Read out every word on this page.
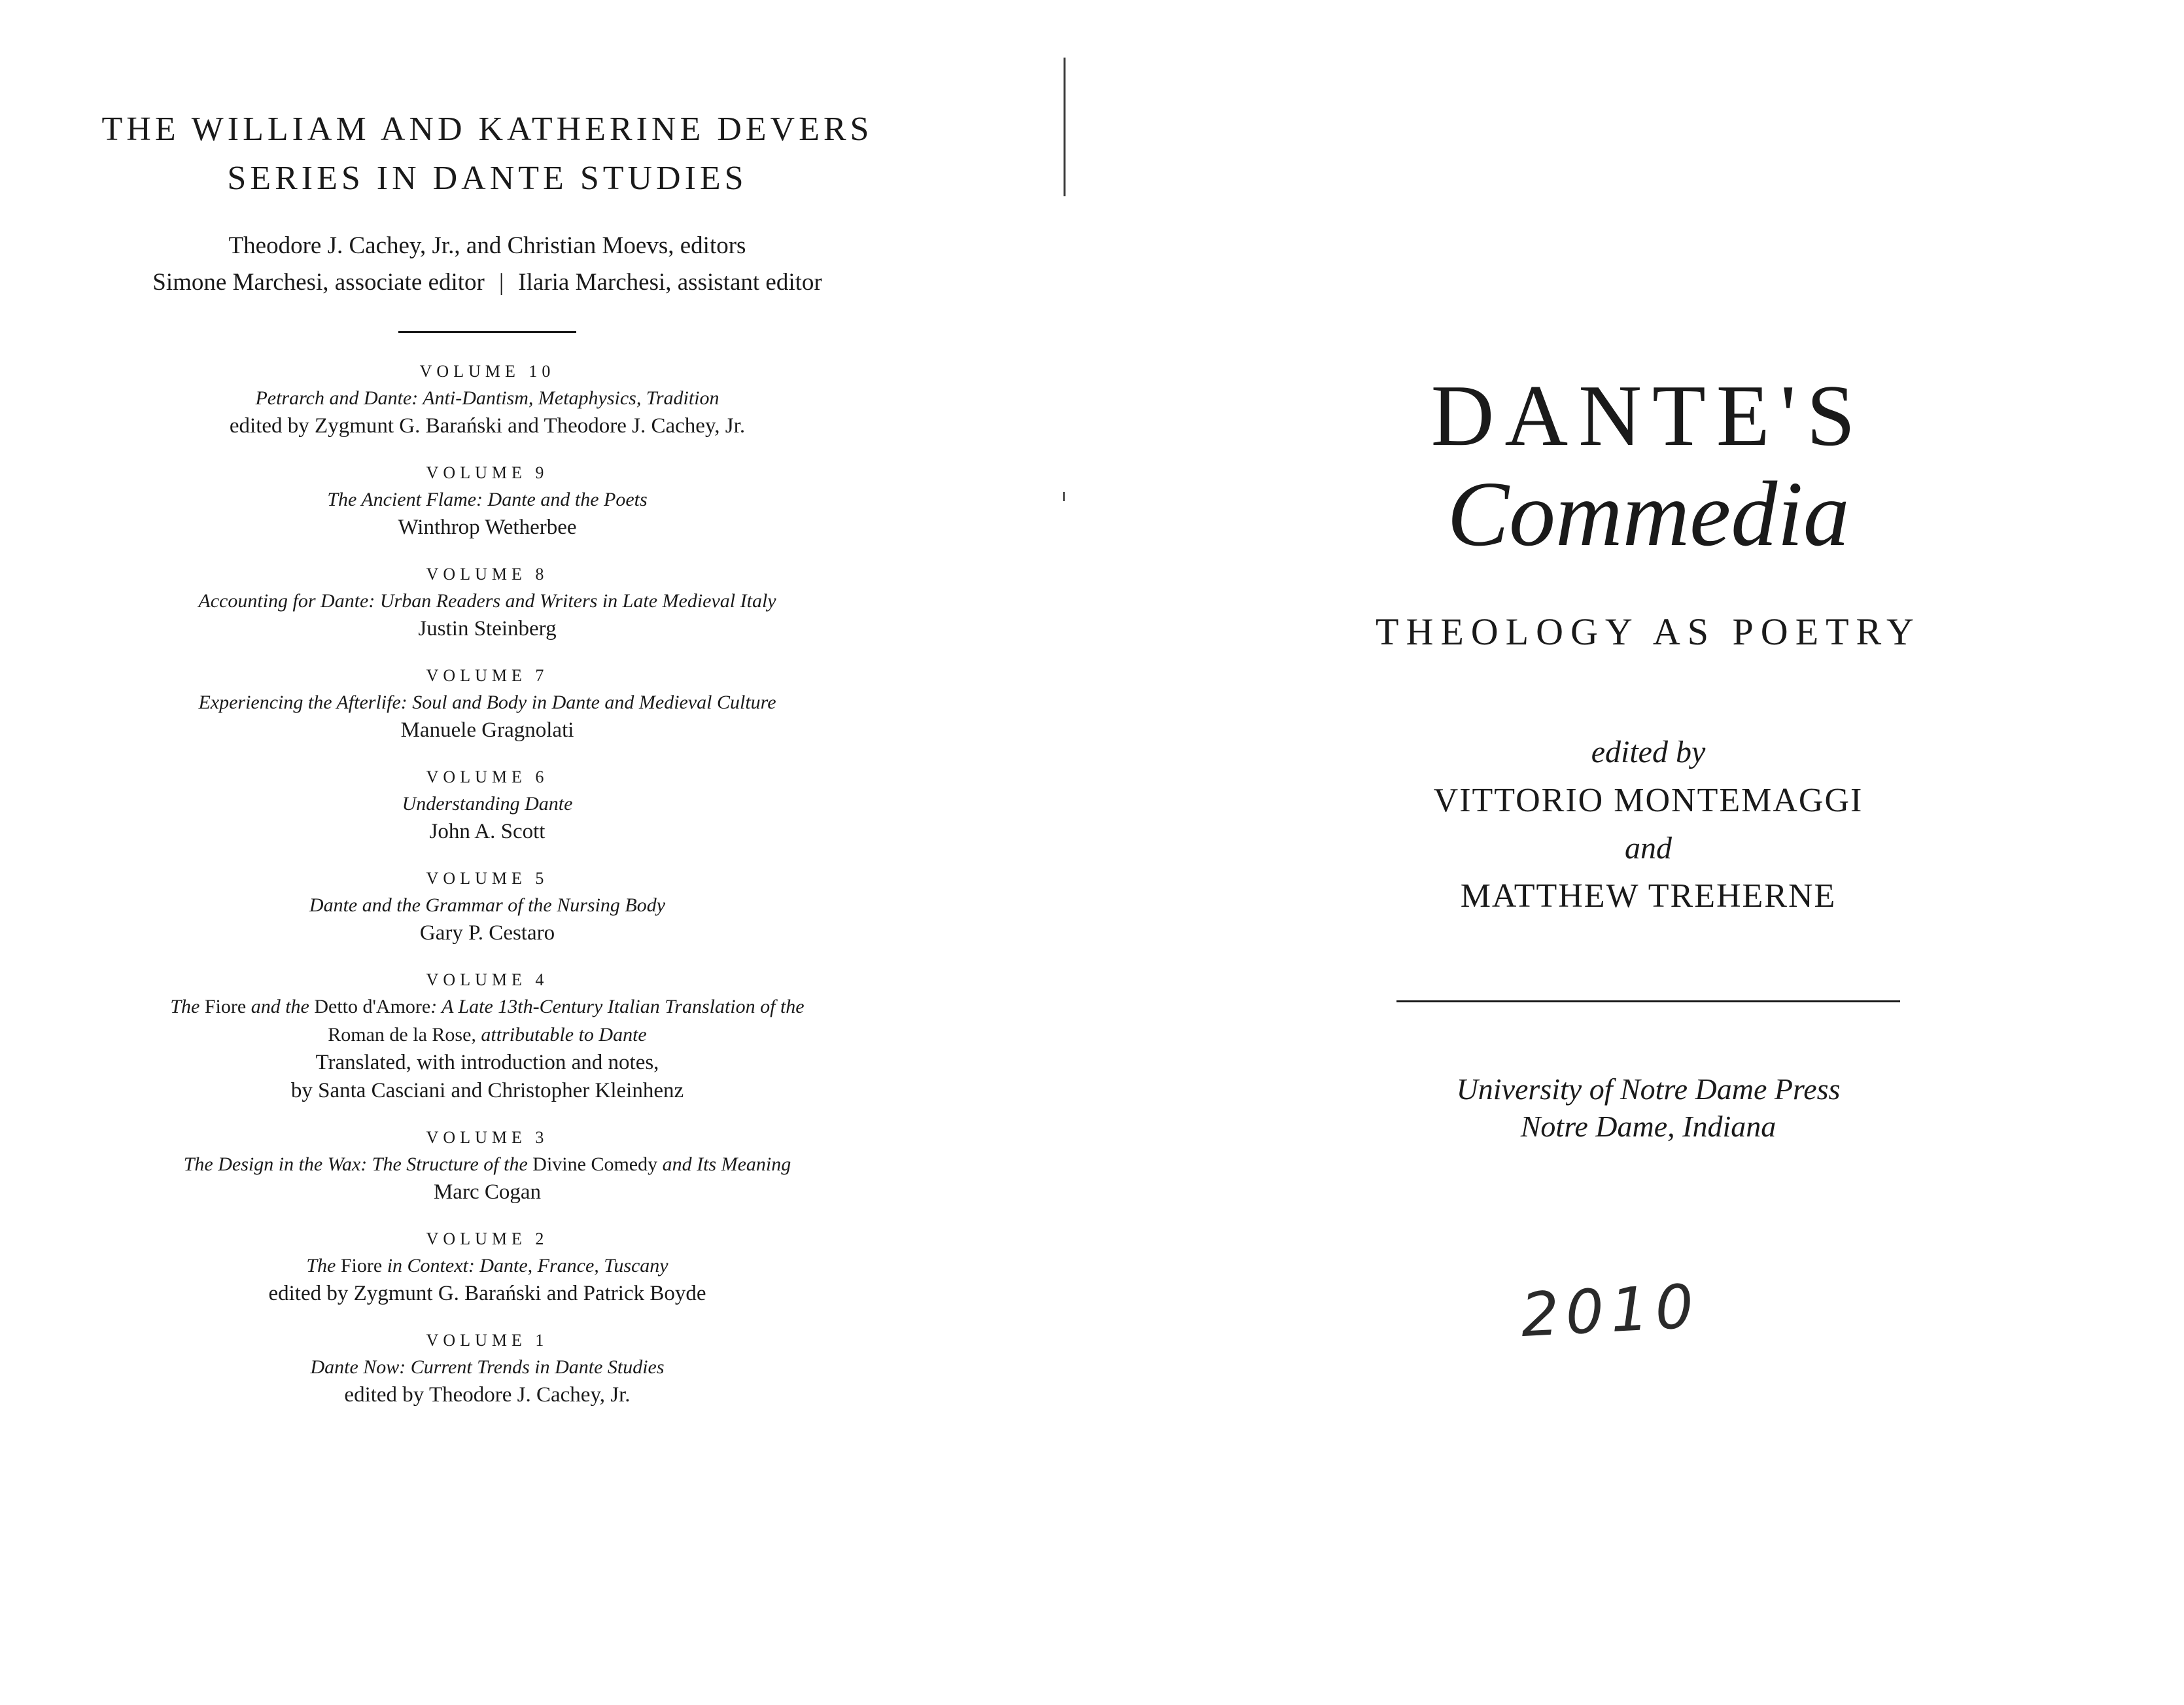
THE WILLIAM AND KATHERINE DEVERS
SERIES IN DANTE STUDIES
Theodore J. Cachey, Jr., and Christian Moevs, editors
Simone Marchesi, associate editor | Ilaria Marchesi, assistant editor
VOLUME 10
Petrarch and Dante: Anti-Dantism, Metaphysics, Tradition
edited by Zygmunt G. Barański and Theodore J. Cachey, Jr.
VOLUME 9
The Ancient Flame: Dante and the Poets
Winthrop Wetherbee
VOLUME 8
Accounting for Dante: Urban Readers and Writers in Late Medieval Italy
Justin Steinberg
VOLUME 7
Experiencing the Afterlife: Soul and Body in Dante and Medieval Culture
Manuele Gragnolati
VOLUME 6
Understanding Dante
John A. Scott
VOLUME 5
Dante and the Grammar of the Nursing Body
Gary P. Cestaro
VOLUME 4
The Fiore and the Detto d'Amore: A Late 13th-Century Italian Translation of the
Roman de la Rose, attributable to Dante
Translated, with introduction and notes,
by Santa Casciani and Christopher Kleinhenz
VOLUME 3
The Design in the Wax: The Structure of the Divine Comedy and Its Meaning
Marc Cogan
VOLUME 2
The Fiore in Context: Dante, France, Tuscany
edited by Zygmunt G. Barański and Patrick Boyde
VOLUME 1
Dante Now: Current Trends in Dante Studies
edited by Theodore J. Cachey, Jr.
DANTE'S
Commedia
THEOLOGY AS POETRY
edited by
VITTORIO MONTEMAGGI
and
MATTHEW TREHERNE
University of Notre Dame Press
Notre Dame, Indiana
2010
